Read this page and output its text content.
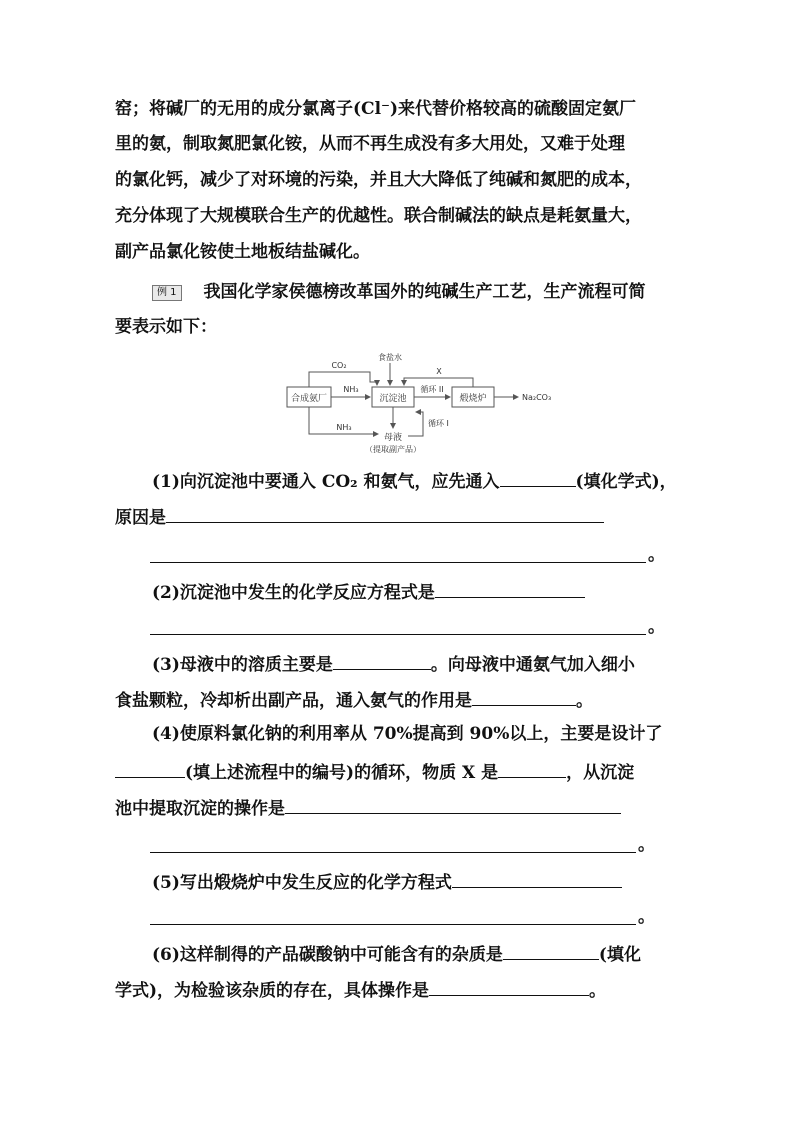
窑；将碱厂的无用的成分氯离子(Cl⁻)来代替价格较高的硫酸固定氨厂
里的氨，制取氮肥氯化铵，从而不再生成没有多大用处，又难于处理
的氯化钙，减少了对环境的污染，并且大大降低了纯碱和氮肥的成本，
充分体现了大规模联合生产的优越性。联合制碱法的缺点是耗氨量大，
副产品氯化铵使土地板结盐碱化。
例 1 我国化学家侯德榜改革国外的纯碱生产工艺，生产流程可简
要表示如下：
合成氨厂	沉淀池	煅烧炉
食盐水
X
CO₂
NH₃	循环 II
Na₂CO₃
母液
（提取副产品）
NH₃	循环 I
(1)向沉淀池中要通入 CO₂ 和氨气，应先通入	(填化学式)，
原因是
。
(2)沉淀池中发生的化学反应方程式是
。
(3)母液中的溶质主要是	。向母液中通氨气加入细小
食盐颗粒，冷却析出副产品，通入氨气的作用是	。
(4)使原料氯化钠的利用率从 70%提高到 90%以上，主要是设计了
(填上述流程中的编号)的循环，物质 X 是	，从沉淀
池中提取沉淀的操作是
。
(5)写出煅烧炉中发生反应的化学方程式
。
(6)这样制得的产品碳酸钠中可能含有的杂质是	(填化
学式)，为检验该杂质的存在，具体操作是	。
